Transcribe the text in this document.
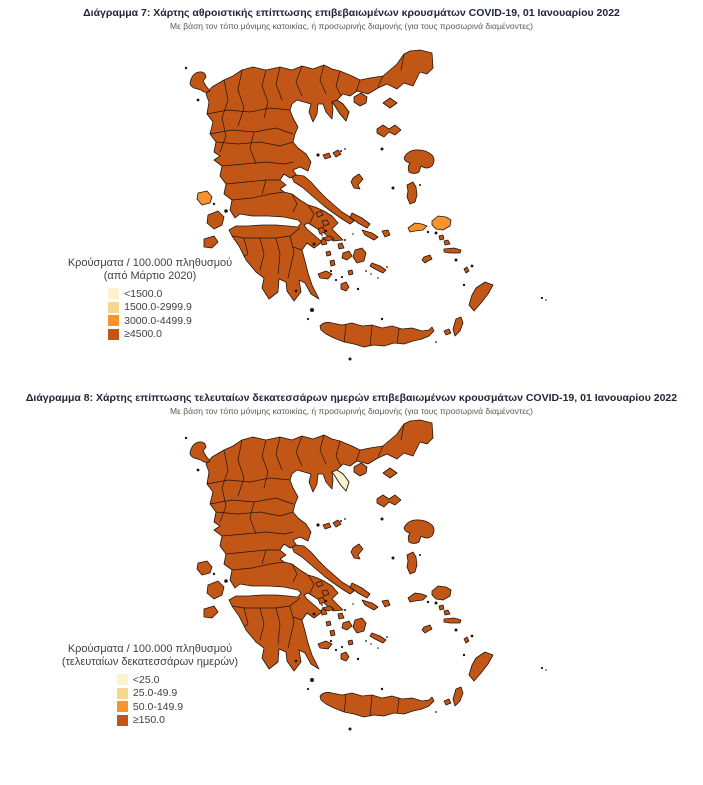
Διάγραμμα 7: Χάρτης αθροιστικής επίπτωσης επιβεβαιωμένων κρουσμάτων COVID-19, 01 Ιανουαρίου 2022
Με βάση τον τόπο μόνιμης κατοικίας, ή προσωρινής διαμονής (για τους προσωρινά διαμένοντες)
Κρούσματα / 100.000 πληθυσμού
(από Μάρτιο 2020)
<1500.0
1500.0-2999.9
3000.0-4499.9
≥4500.0
Διάγραμμα 8: Χάρτης επίπτωσης τελευταίων δεκατεσσάρων ημερών επιβεβαιωμένων κρουσμάτων COVID-19, 01 Ιανουαρίου 2022
Με βάση τον τόπο μόνιμης κατοικίας, ή προσωρινής διαμονής (για τους προσωρινά διαμένοντες)
Κρούσματα / 100.000 πληθυσμού
(τελευταίων δεκατεσσάρων ημερών)
<25.0
25.0-49.9
50.0-149.9
≥150.0
